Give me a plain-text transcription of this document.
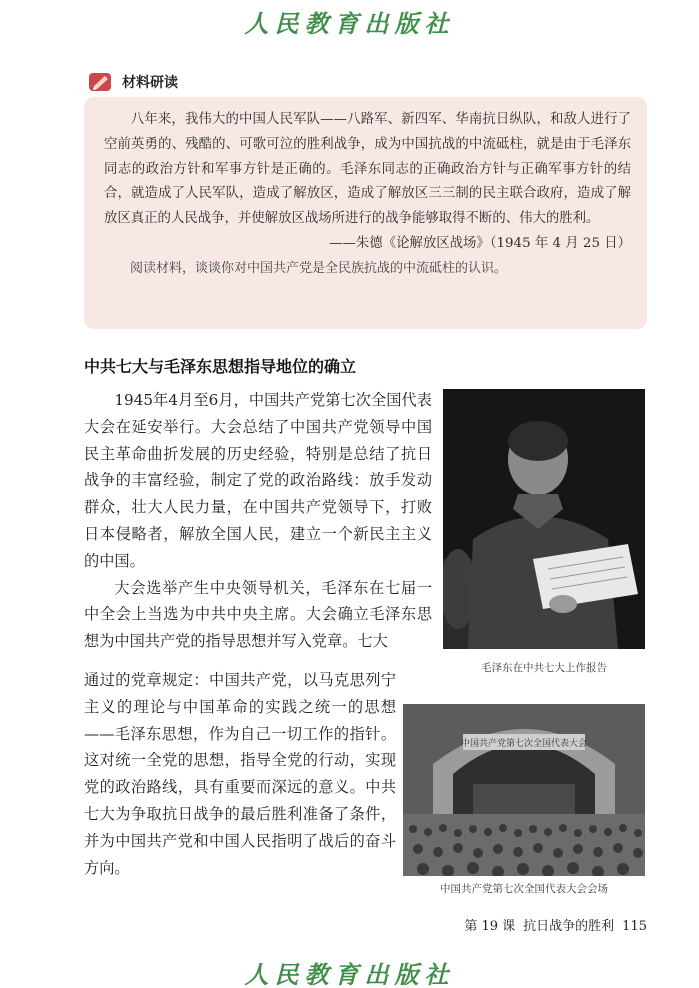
人民教育出版社
材料研读

八年来，我伟大的中国人民军队——八路军、新四军、华南抗日纵队，和敌人进行了空前英勇的、残酷的、可歌可泣的胜利战争，成为中国抗战的中流砥柱，就是由于毛泽东同志的政治方针和军事方针是正确的。毛泽东同志的正确政治方针与正确军事方针的结合，就造成了人民军队，造成了解放区，造成了解放区三三制的民主联合政府，造成了解放区真正的人民战争，并使解放区战场所进行的战争能够取得不断的、伟大的胜利。

——朱德《论解放区战场》（1945 年 4 月 25 日）

阅读材料，谈谈你对中国共产党是全民族抗战的中流砥柱的认识。

中共七大与毛泽东思想指导地位的确立

1945年4月至6月，中国共产党第七次全国代表大会在延安举行。大会总结了中国共产党领导中国民主革命曲折发展的历史经验，特别是总结了抗日战争的丰富经验，制定了党的政治路线：放手发动群众，壮大人民力量，在中国共产党领导下，打败日本侵略者，解放全国人民，建立一个新民主主义的中国。

大会选举产生中央领导机关，毛泽东在七届一中全会上当选为中共中央主席。大会确立毛泽东思想为中国共产党的指导思想并写入党章。七大

通过的党章规定：中国共产党，以马克思列宁主义的理论与中国革命的实践之统一的思想——毛泽东思想，作为自己一切工作的指针。这对统一全党的思想，指导全党的行动，实现党的政治路线，具有重要而深远的意义。中共七大为争取抗日战争的最后胜利准备了条件，并为中国共产党和中国人民指明了战后的奋斗方向。

毛泽东在中共七大上作报告
中国共产党第七次全国代表大会
中国共产党第七次全国代表大会会场
第 19 课 抗日战争的胜利 115
人民教育出版社
